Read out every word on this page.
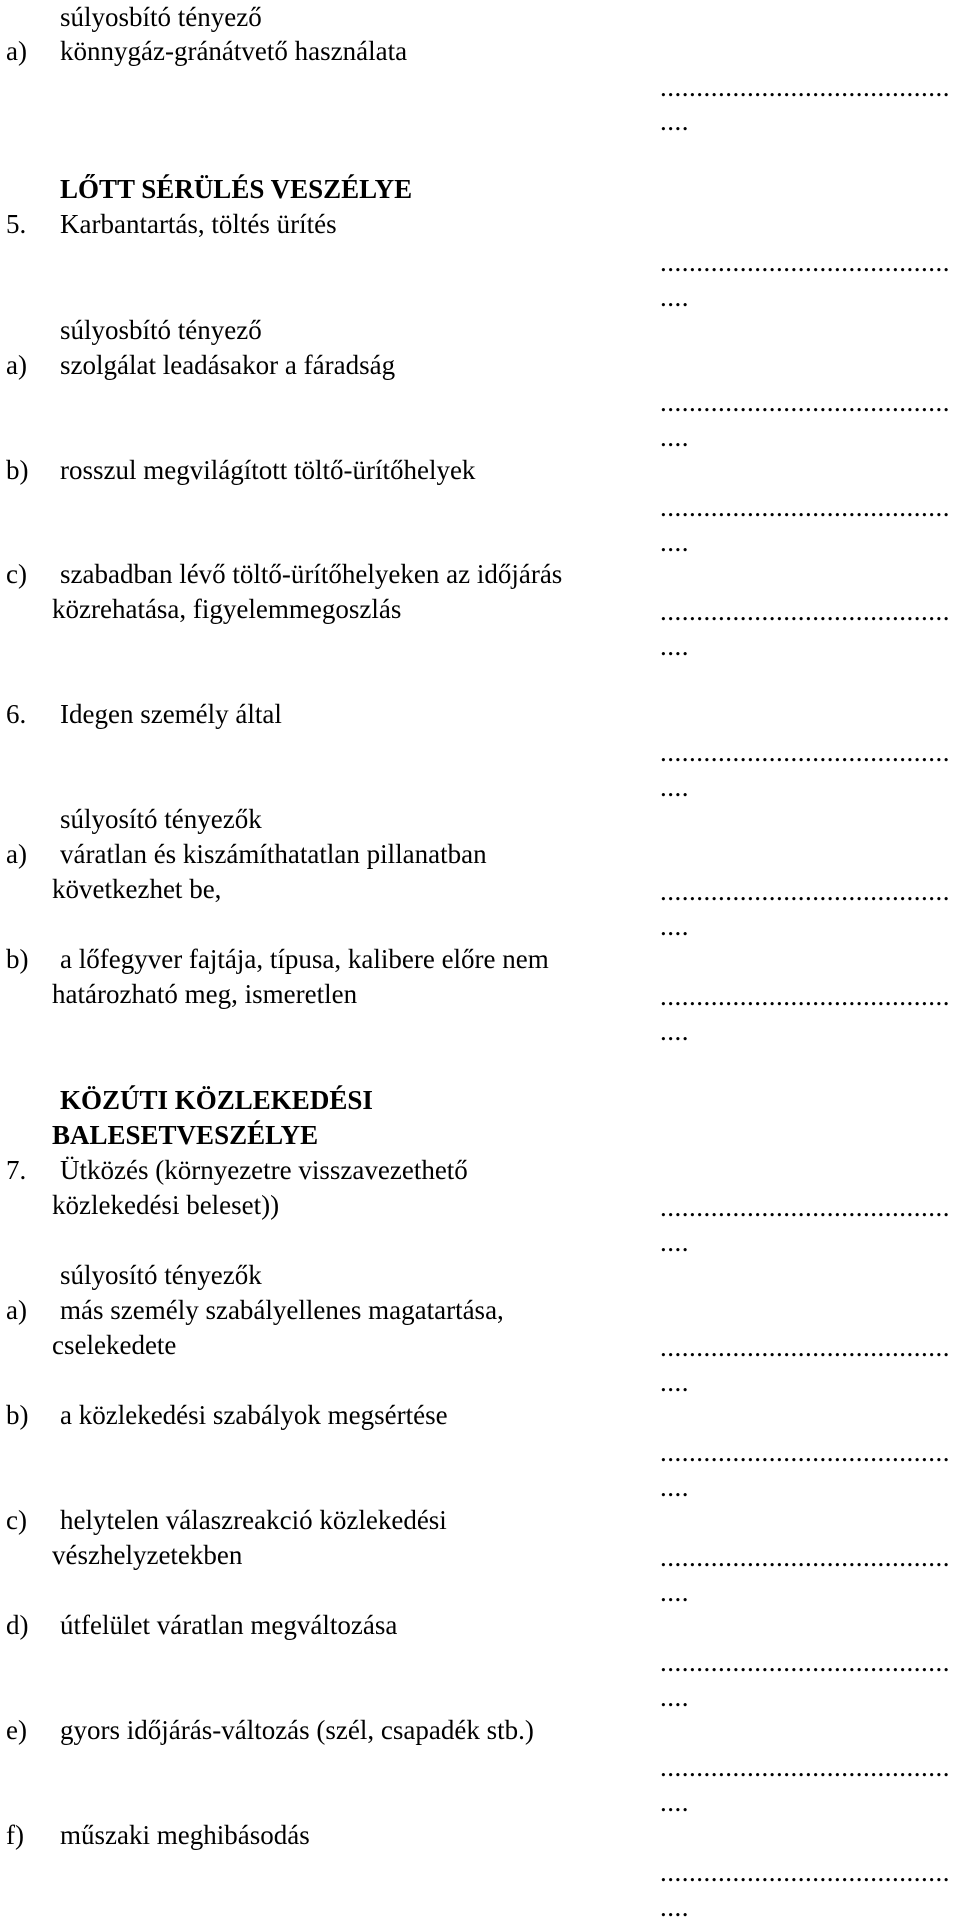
súlyosbító tényező
a) könnygáz-gránátvető használata
LŐTT SÉRÜLÉS VESZÉLYE
5. Karbantartás, töltés ürítés
súlyosbító tényező
a) szolgálat leadásakor a fáradság
b) rosszul megvilágított töltő-ürítőhelyek
c) szabadban lévő töltő-ürítőhelyeken az időjárás
közrehatása, figyelemmegoszlás
6. Idegen személy által
súlyosító tényezők
a) váratlan és kiszámíthatatlan pillanatban
következhet be,
b) a lőfegyver fajtája, típusa, kalibere előre nem
határozható meg, ismeretlen
KÖZÚTI KÖZLEKEDÉSI
BALESETVESZÉLYE
7. Ütközés (környezetre visszavezethető
közlekedési beleset))
súlyosító tényezők
a) más személy szabályellenes magatartása,
cselekedete
b) a közlekedési szabályok megsértése
c) helytelen válaszreakció közlekedési
vészhelyzetekben
d) útfelület váratlan megváltozása
e) gyors időjárás-változás (szél, csapadék stb.)
f) műszaki meghibásodás
........................................
....
........................................
....
........................................
....
........................................
....
........................................
....
........................................
....
........................................
....
........................................
....
........................................
....
........................................
....
........................................
....
........................................
....
........................................
....
........................................
....
........................................
....
